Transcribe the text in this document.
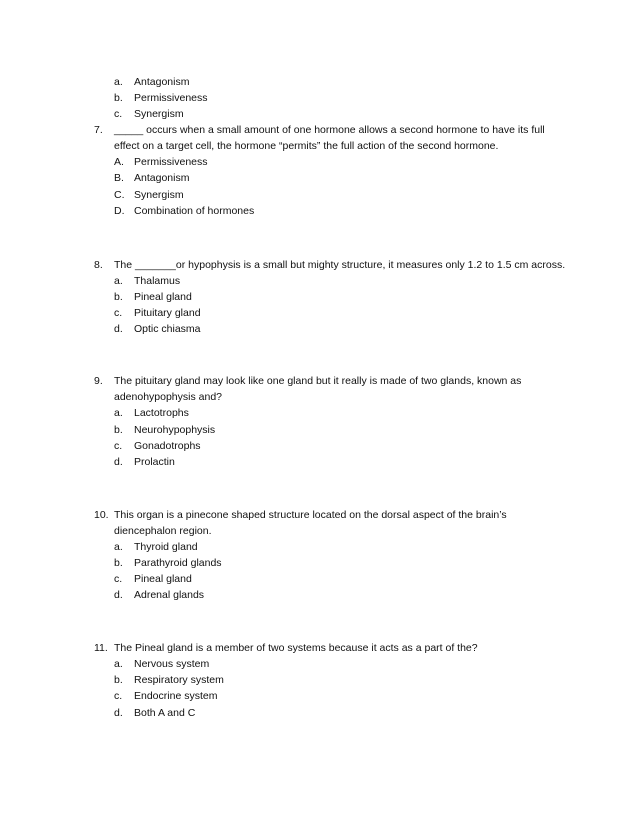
a. Antagonism
b. Permissiveness
c. Synergism
7. _____ occurs when a small amount of one hormone allows a second hormone to have its full
effect on a target cell, the hormone “permits” the full action of the second hormone.
A. Permissiveness
B. Antagonism
C. Synergism
D. Combination of hormones
8. The _______or hypophysis is a small but mighty structure, it measures only 1.2 to 1.5 cm across.
a. Thalamus
b. Pineal gland
c. Pituitary gland
d. Optic chiasma
9. The pituitary gland may look like one gland but it really is made of two glands, known as
adenohypophysis and?
a. Lactotrophs
b. Neurohypophysis
c. Gonadotrophs
d. Prolactin
10. This organ is a pinecone shaped structure located on the dorsal aspect of the brain’s
diencephalon region.
a. Thyroid gland
b. Parathyroid glands
c. Pineal gland
d. Adrenal glands
11. The Pineal gland is a member of two systems because it acts as a part of the?
a. Nervous system
b. Respiratory system
c. Endocrine system
d. Both A and C
